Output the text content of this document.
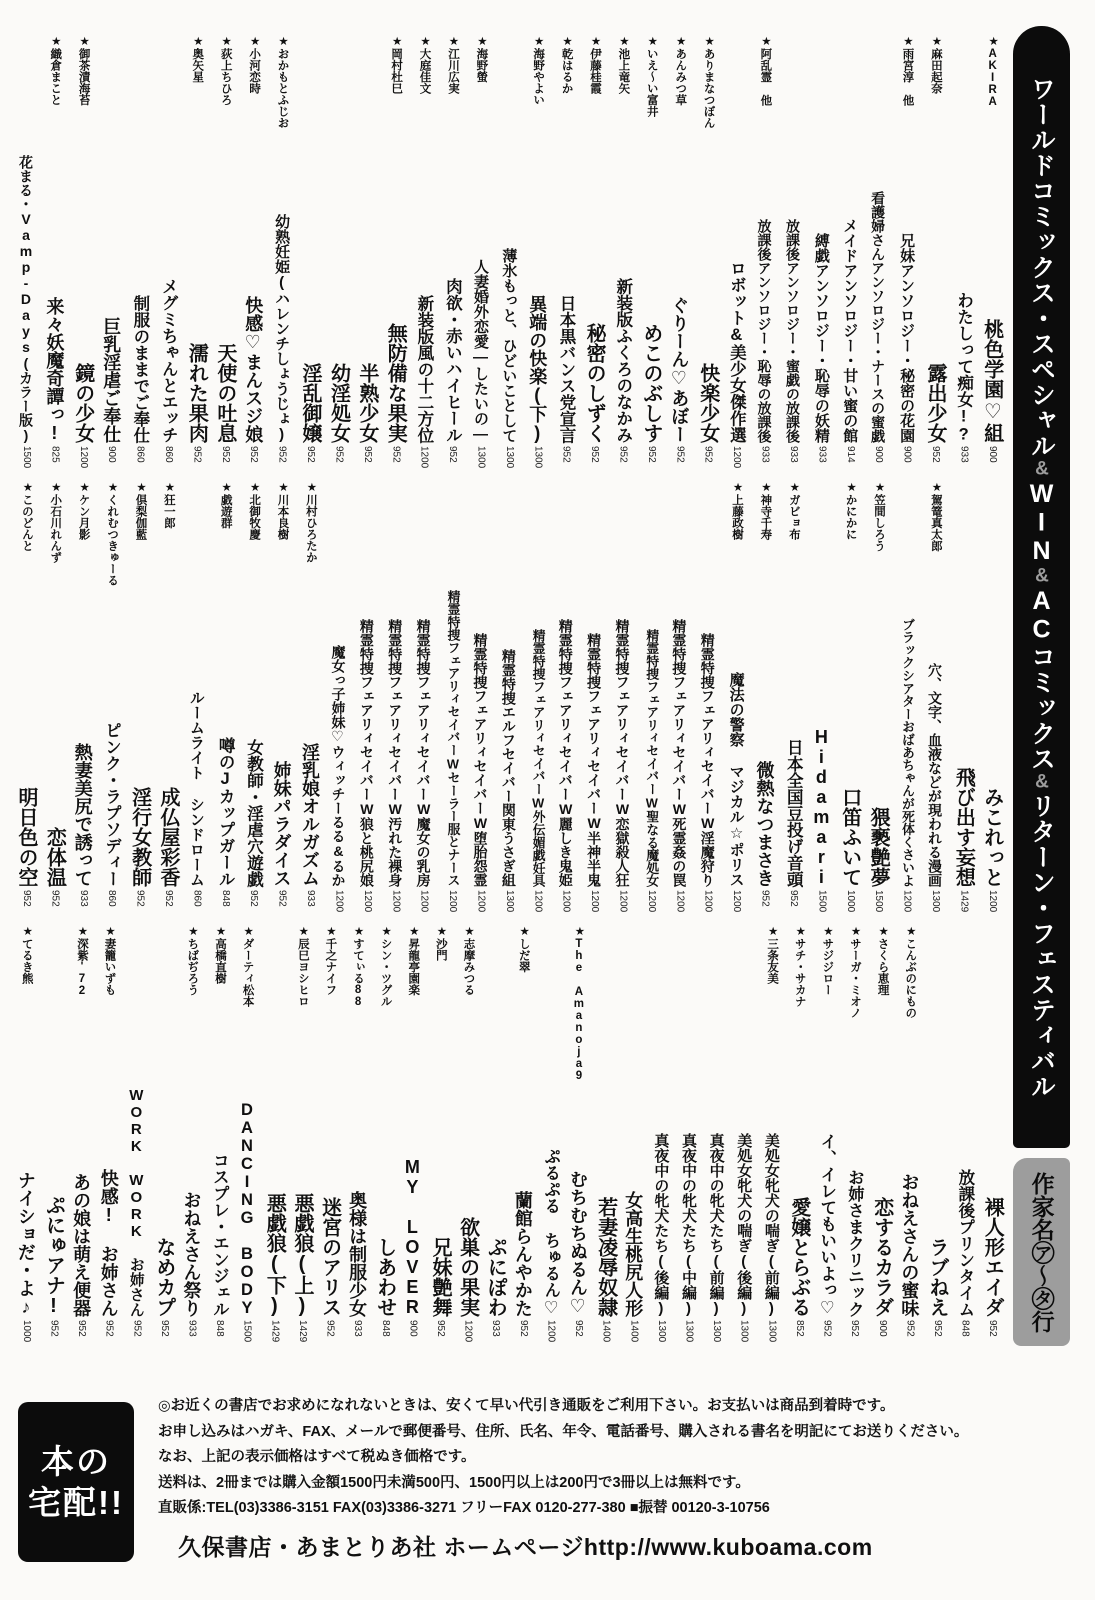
★AKIRA
桃色学園♡組
900
わたしって痴女!?
933
★麻田起奈
露出少女
952
★雨宮淳 他
兄妹アンソロジー・秘密の花園
900
看護婦さんアンソロジー・ナースの蜜戯
900
メイドアンソロジー・甘い蜜の館
914
縛戯アンソロジー・恥辱の妖精
933
放課後アンソロジー・蜜戯の放課後
933
★阿乱霊 他
放課後アンソロジー・恥辱の放課後
933
ロボット&美少女傑作選
1200
★ありまなつぼん
快楽少女
952
★あんみつ草
ぐりーん♡あぼー
952
★いえ〜い富井
めこのぶしす
952
★池上竜矢
新装版ふくろのなかみ
952
★伊藤桂霞
秘密のしずく
952
★乾はるか
日本黒バンス党宣言
952
★海野やよい
異端の快楽(下)
1300
薄氷もっと、ひどいことして
1300
★海野螢
人妻婚外恋愛―したいの―
1300
★江川広実
肉欲・赤いハイヒール
952
★大庭佳文
新装版風の十二方位
1200
★岡村杜巳
無防備な果実
952
半熟少女
952
幼淫処女
952
淫乱御嬢
952
★おかもとふじお
幼熟妊姫(ハレンチしょうじょ)
952
★小河恋時
快感♡まんスジ娘
952
★荻上ちひろ
天使の吐息
952
★奥矢星
濡れた果肉
952
メグミちゃんとエッチ
860
制服のままでご奉仕
860
巨乳淫虐ご奉仕
900
★御茶漬海苔
鏡の少女
1200
★織倉まこと
来々妖魔奇譚っ!
825
花まる・Vamp-Days(カラー版)
1500
みこれっと
1200
飛び出す妄想
1429
★駕篭真太郎
穴、文字、血液などが現われる漫画
1300
ブラックシアターおばあちゃんが死体くさいよ
1200
★笠間しろう
猥褻艶夢
1500
★かにかに
口笛ふいて
1000
Hidamari
1500
★ガビョ布
日本全国豆投げ音頭
952
★神寺千寿
微熱なつまさき
952
★上藤政樹
魔法の警察 マジカル☆ポリス
1200
精霊特捜フェアリィセイバーW淫魔狩り
1200
精霊特捜フェアリィセイバーW死霊姦の罠
1200
精霊特捜フェアリィセイバーW聖なる魔処女
1200
精霊特捜フェアリィセイバーW恋獄殺人狂
1200
精霊特捜フェアリィセイバーW半神半鬼
1200
精霊特捜フェアリィセイバーW麗しき鬼姫
1200
精霊特捜フェアリィセイバーW外伝媚戯妊具
1200
精霊特捜エルフセイバー関東うさぎ組
1300
精霊特捜フェアリィセイバーW堕胎怨霊
1200
精霊特捜フェアリィセイバーWセーラー服とナース
1200
精霊特捜フェアリィセイバーW魔女の乳房
1200
精霊特捜フェアリィセイバーW汚れた裸身
1200
精霊特捜フェアリィセイバーW狼と桃尻娘
1200
魔女っ子姉妹♡ウィッチーるる&るか
1200
★川村ひろたか
淫乳娘オルガズム
933
★川本良樹
姉妹パラダイス
952
★北御牧慶
女教師・淫虐穴遊戯
952
★戯遊群
噂のJカップガール
848
ルームライト シンドローム
860
★狂一郎
成仏屋彩香
952
★倶梨伽藍
淫行女教師
952
★くれむつきゅーる
ピンク・ラプソディー
860
★ケン月影
熱妻美尻で誘って
933
★小石川れんず
恋体温
952
★このどんと
明日色の空
952
裸人形エイダ
952
放課後プリンタイム
848
ラブねえ
952
★こんぶのにもの
おねえさんの蜜味
952
★さくら恵理
恋するカラダ
900
★サーガ・ミオノ
お姉さまクリニック
952
★サジジロー
イ、イレてもいいよっ♡
952
★サチ・サカナ
愛嬢とらぶる
852
★三条友美
美処女牝犬の喘ぎ(前編)
1300
美処女牝犬の喘ぎ(後編)
1300
真夜中の牝犬たち(前編)
1300
真夜中の牝犬たち(中編)
1300
真夜中の牝犬たち(後編)
1300
女高生桃尻人形
1400
若妻凌辱奴隷
1400
★The Amanoja9
むちむちぬるん♡
952
ぷるぷる ちゅるん♡
1200
★しだ翠
蘭館らんやかた
952
ぷにぽわ
933
★志摩みつる
欲巣の果実
1200
★沙門
兄妹艶舞
952
★昇龍亭園楽
MY LOVER
900
★シン・ツグル
しあわせ
848
★すてぃる88
奥様は制服少女
933
★千之ナイフ
迷宮のアリス
952
★辰巳ヨシヒロ
悪戯狼(上)
1429
悪戯狼(下)
1429
★ダーティ松本
DANCING BODY
1500
★高橋直樹
コスプレ・エンジェル
848
★ちばぢろう
おねえさん祭り
933
なめカプ
952
WORK WORK お姉さん
952
★妻籠いずも
快感! お姉さん
952
★深紫'72
あの娘は萌え便器
952
ぷにゅアナ!
952
★てるき熊
ナイショだ・よ♪
1000
ワールドコミックス・スペシャル&WIN&ACコミックス&リターン・フェスティバル
作家名㋐〜㋟行
本の
宅配!!
◎お近くの書店でお求めになれないときは、安くて早い代引き通販をご利用下さい。お支払いは商品到着時です。
お申し込みはハガキ、FAX、メールで郵便番号、住所、氏名、年令、電話番号、購入される書名を明記にてお送りください。
なお、上記の表示価格はすべて税ぬき価格です。
送料は、2冊までは購入金額1500円未満500円、1500円以上は200円で3冊以上は無料です。
直販係:TEL(03)3386-3151 FAX(03)3386-3271 フリーFAX 0120-277-380 ■振替 00120-3-10756
久保書店・あまとりあ社 ホームページhttp://www.kuboama.com
